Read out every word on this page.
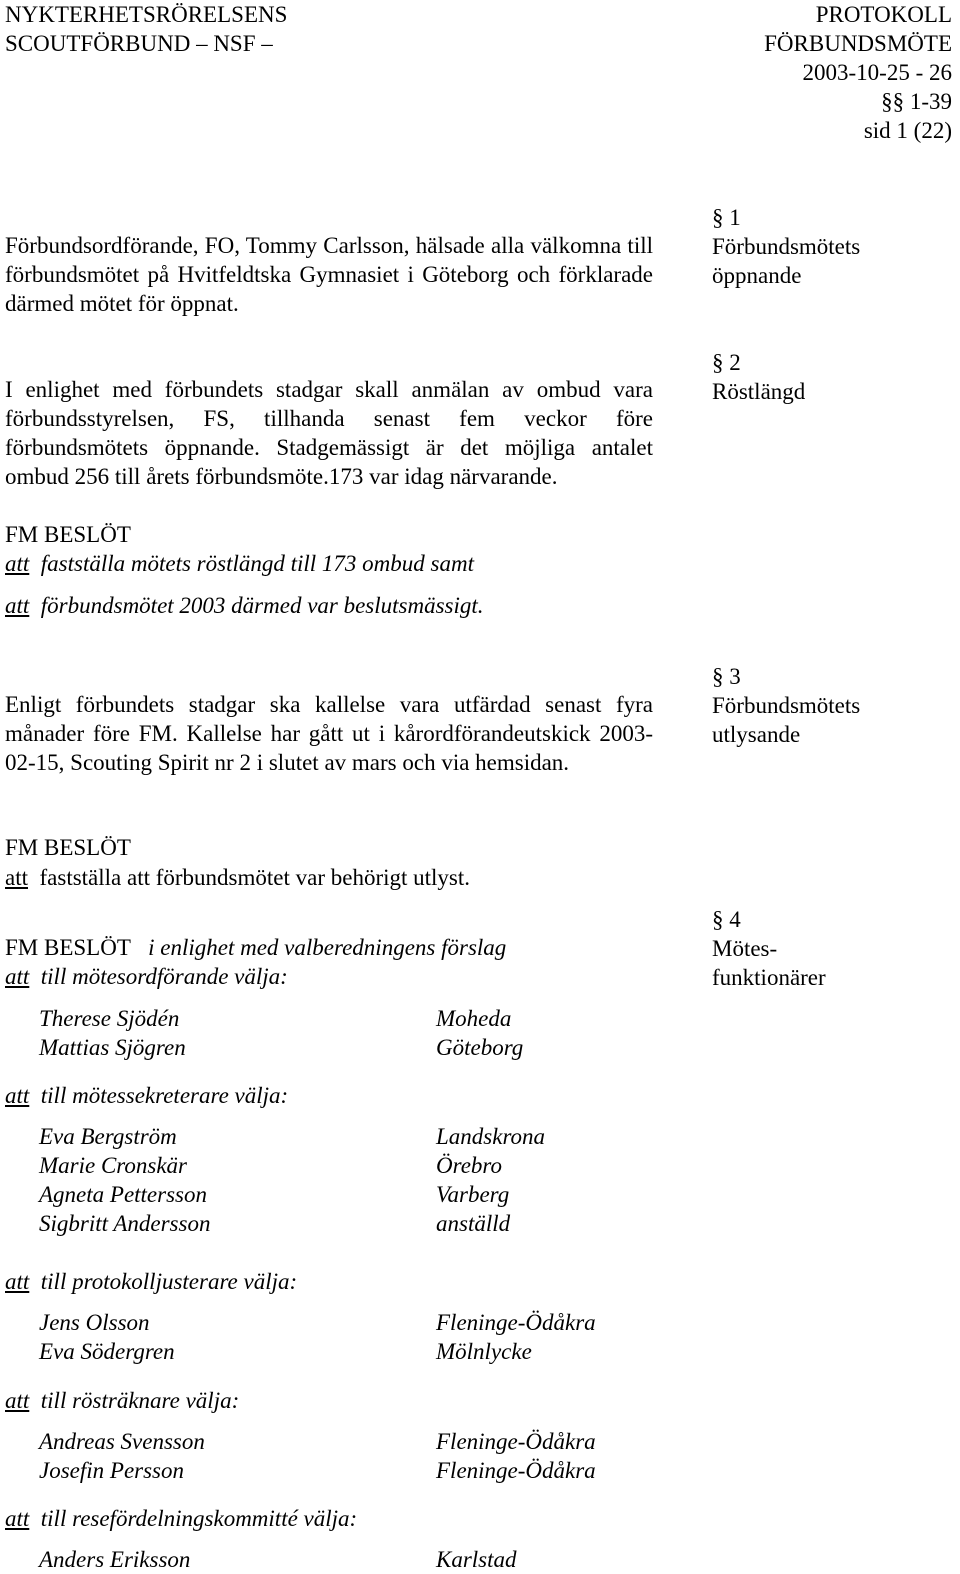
NYKTERHETSRÖRELSENS
SCOUTFÖRBUND – NSF –
PROTOKOLL
FÖRBUNDSMÖTE
2003-10-25 - 26
§§ 1-39
sid 1 (22)
§ 1
Förbundsmötets
öppnande
Förbundsordförande, FO, Tommy Carlsson, hälsade alla välkomna till förbundsmötet på Hvitfeldtska Gymnasiet i Göteborg och förklarade därmed mötet för öppnat.
§ 2
Röstlängd
I enlighet med förbundets stadgar skall anmälan av ombud vara förbundsstyrelsen, FS, tillhanda senast fem veckor före förbundsmötets öppnande. Stadgemässigt är det möjliga antalet ombud 256 till årets förbundsmöte.173 var idag närvarande.
FM BESLÖT
att fastställa mötets röstlängd till 173 ombud samt
att förbundsmötet 2003 därmed var beslutsmässigt.
§ 3
Förbundsmötets
utlysande
Enligt förbundets stadgar ska kallelse vara utfärdad senast fyra månader före FM. Kallelse har gått ut i kårordförandeutskick 2003-02-15, Scouting Spirit nr 2 i slutet av mars och via hemsidan.
FM BESLÖT
att fastställa att förbundsmötet var behörigt utlyst.
§ 4
Mötes-
funktionärer
FM BESLÖT i enlighet med valberedningens förslag
att till mötesordförande välja:
Therese Sjödén	Moheda
Mattias Sjögren	Göteborg
att till mötessekreterare välja:
Eva Bergström	Landskrona
Marie Cronskär	Örebro
Agneta Pettersson	Varberg
Sigbritt Andersson	anställd
att till protokolljusterare välja:
Jens Olsson	Fleninge-Ödåkra
Eva Södergren	Mölnlycke
att till rösträknare välja:
Andreas Svensson	Fleninge-Ödåkra
Josefin Persson	Fleninge-Ödåkra
att till resefördelningskommitté välja:
Anders Eriksson	Karlstad
